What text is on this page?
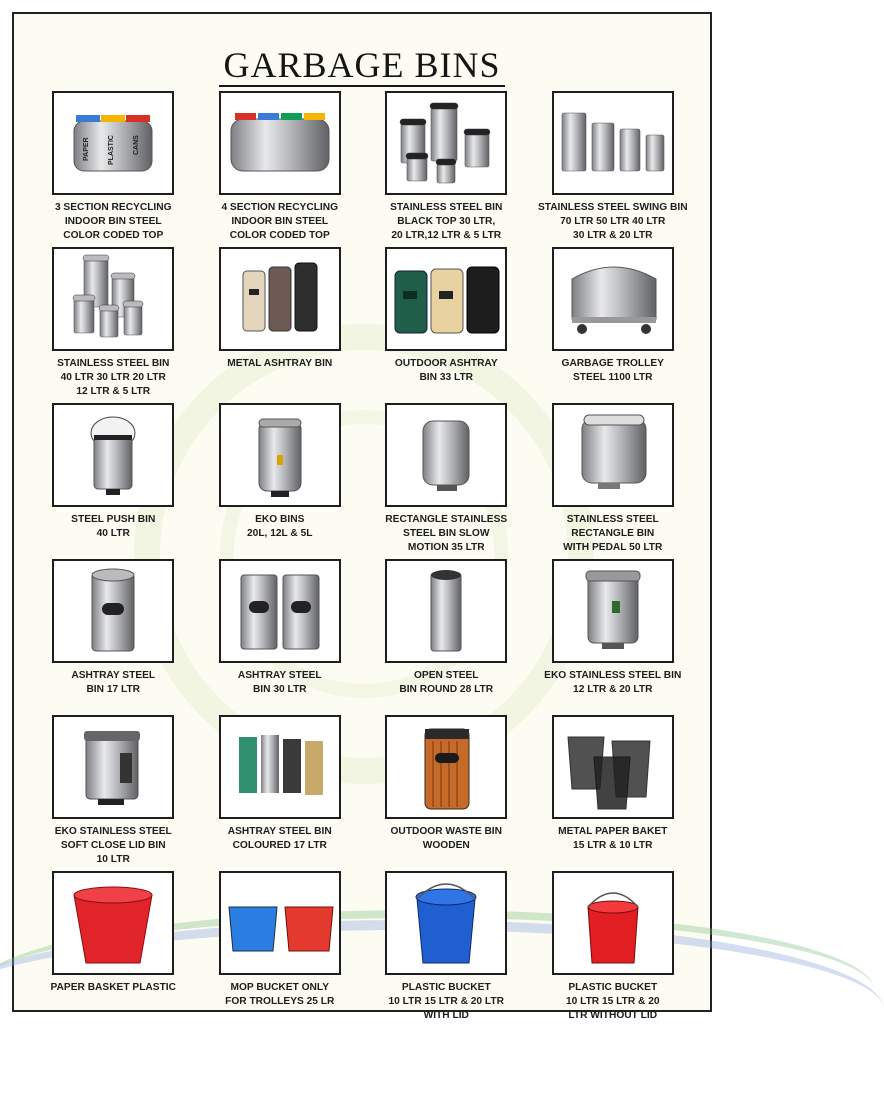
GARBAGE BINS
PAPER	PLASTIC	CANS
3 SECTION RECYCLING
INDOOR BIN STEEL
COLOR CODED TOP
4 SECTION RECYCLING
INDOOR BIN STEEL
COLOR CODED TOP
STAINLESS STEEL BIN
BLACK TOP 30 LTR,
20 LTR,12 LTR & 5 LTR
STAINLESS STEEL SWING BIN
70 LTR 50 LTR 40 LTR
30 LTR & 20 LTR
STAINLESS STEEL BIN
40 LTR 30 LTR 20 LTR
12 LTR & 5 LTR
METAL ASHTRAY BIN	OUTDOOR ASHTRAY
BIN 33 LTR
GARBAGE TROLLEY
STEEL 1100 LTR
STEEL PUSH BIN
40 LTR
EKO BINS
20L, 12L & 5L
RECTANGLE STAINLESS
STEEL BIN SLOW
MOTION 35 LTR
STAINLESS STEEL
RECTANGLE BIN
WITH PEDAL 50 LTR
ASHTRAY STEEL
BIN 17 LTR
ASHTRAY STEEL
BIN 30 LTR
OPEN STEEL
BIN ROUND 28 LTR
EKO STAINLESS STEEL BIN
12 LTR & 20 LTR
EKO STAINLESS STEEL
SOFT CLOSE LID BIN
10 LTR
ASHTRAY STEEL BIN
COLOURED 17 LTR
OUTDOOR WASTE BIN
WOODEN
METAL PAPER BAKET
15 LTR & 10 LTR
PAPER BASKET PLASTIC	MOP BUCKET ONLY
FOR TROLLEYS 25 LR
PLASTIC BUCKET
10 LTR 15 LTR & 20 LTR
WITH LID
PLASTIC BUCKET
10 LTR 15 LTR & 20
LTR WITHOUT LID
